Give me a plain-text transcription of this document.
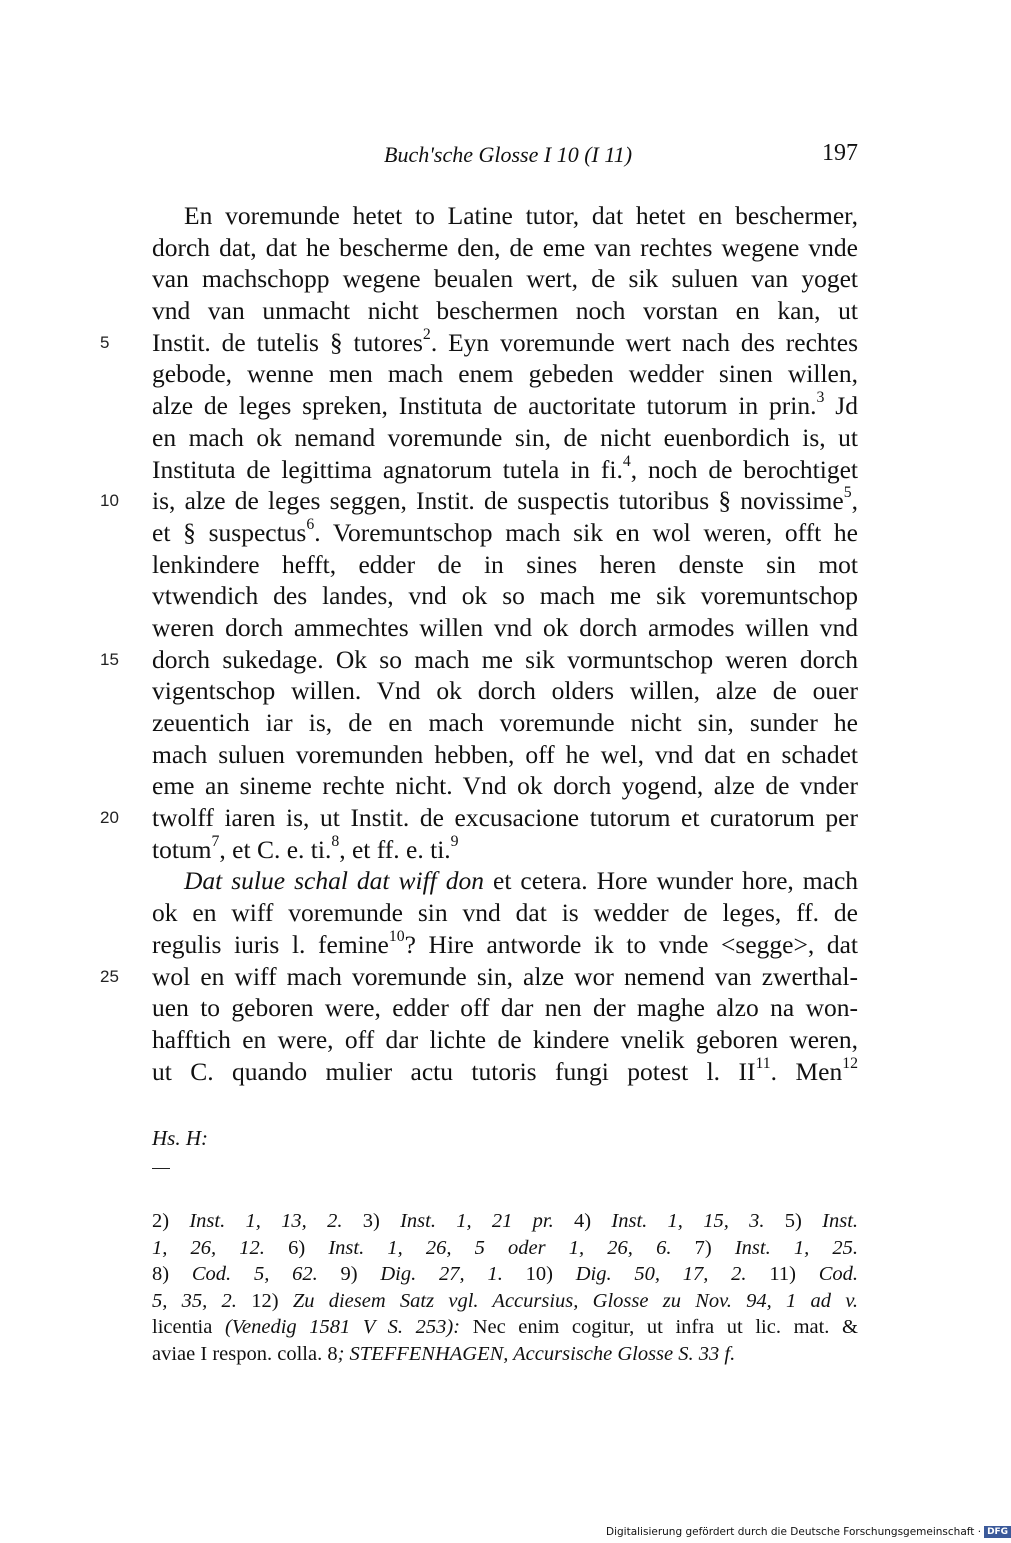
Buch'sche Glosse I 10 (I 11)	197
En voremunde hetet to Latine tutor, dat hetet en beschermer,
dorch dat, dat he bescherme den, de eme van rechtes wegene vnde
van machschopp wegene beualen wert, de sik suluen van yoget
vnd van unmacht nicht beschermen noch vorstan en kan, ut
5	Instit. de tutelis § tutores$^2$. Eyn voremunde wert nach des rechtes
gebode, wenne men mach enem gebeden wedder sinen willen,
alze de leges spreken, Instituta de auctoritate tutorum in prin.$^3$ Jd
en mach ok nemand voremunde sin, de nicht euenbordich is, ut
Instituta de legittima agnatorum tutela in fi.$^4$, noch de berochtiget
10 is, alze de leges seggen, Instit. de suspectis tutoribus § novissime$^5$,
et § suspectus$^6$. Voremuntschop mach sik en wol weren, offt he
lenkindere hefft, edder de in sines heren denste sin mot
vtwendich des landes, vnd ok so mach me sik voremuntschop
weren dorch ammechtes willen vnd ok dorch armodes willen vnd
15 dorch sukedage. Ok so mach me sik vormuntschop weren dorch
vigentschop willen. Vnd ok dorch olders willen, alze de ouer
zeuentich iar is, de en mach voremunde nicht sin, sunder he
mach suluen voremunden hebben, off he wel, vnd dat en schadet
eme an sineme rechte nicht. Vnd ok dorch yogend, alze de vnder
20 twolff iaren is, ut Instit. de excusacione tutorum et curatorum per
totum$^7$, et C. e. ti.$^8$, et ff. e. ti.$^9$
Dat sulue schal dat wiff don et cetera. Hore wunder hore, mach
ok en wiff voremunde sin vnd dat is wedder de leges, ff. de
regulis iuris l. femine$^{10}$? Hire antworde ik to vnde <segge>, dat
25 wol en wiff mach voremunde sin, alze wor nemend van zwerthal-
uen to geboren were, edder off dar nen der maghe alzo na won-
hafftich en were, off dar lichte de kindere vnelik geboren weren,
ut C. quando mulier actu tutoris fungi potest l. II$^{11}$. Men$^{12}$
Hs. H:
2) Inst. 1, 13, 2. 3) Inst. 1, 21 pr. 4) Inst. 1, 15, 3. 5) Inst.
1, 26, 12. 6) Inst. 1, 26, 5 oder 1, 26, 6. 7) Inst. 1, 25.
8) Cod. 5, 62. 9) Dig. 27, 1. 10) Dig. 50, 17, 2. 11) Cod.
5, 35, 2. 12) Zu diesem Satz vgl. Accursius, Glosse zu Nov. 94, 1 ad v.
licentia (Venedig 1581 V S. 253): Nec enim cogitur, ut infra ut lic. mat. &
aviae I respon. colla. 8; STEFFENHAGEN, Accursische Glosse S. 33 f.
Digitalisierung gefördert durch die Deutsche Forschungsgemeinschaft · DFG
